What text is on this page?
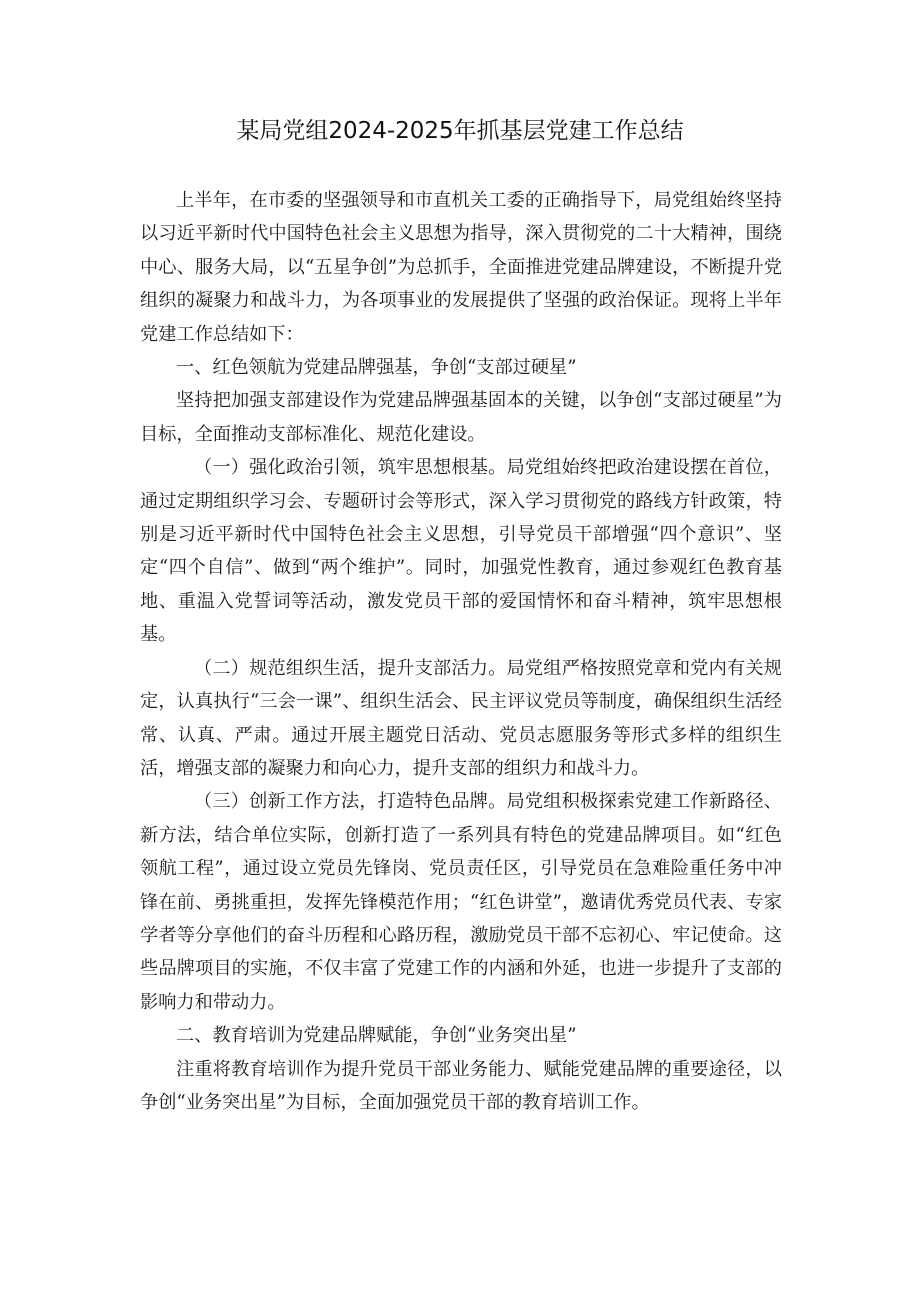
某局党组2024-2025年抓基层党建工作总结

上半年，在市委的坚强领导和市直机关工委的正确指导下，局党组始终坚持以习近平新时代中国特色社会主义思想为指导，深入贯彻党的二十大精神，围绕中心、服务大局，以“五星争创”为总抓手，全面推进党建品牌建设，不断提升党组织的凝聚力和战斗力，为各项事业的发展提供了坚强的政治保证。现将上半年党建工作总结如下：

一、红色领航为党建品牌强基，争创“支部过硬星”

坚持把加强支部建设作为党建品牌强基固本的关键，以争创“支部过硬星”为目标，全面推动支部标准化、规范化建设。

（一）强化政治引领，筑牢思想根基。局党组始终把政治建设摆在首位，通过定期组织学习会、专题研讨会等形式，深入学习贯彻党的路线方针政策，特别是习近平新时代中国特色社会主义思想，引导党员干部增强“四个意识”、坚定“四个自信”、做到“两个维护”。同时，加强党性教育，通过参观红色教育基地、重温入党誓词等活动，激发党员干部的爱国情怀和奋斗精神，筑牢思想根基。

（二）规范组织生活，提升支部活力。局党组严格按照党章和党内有关规定，认真执行“三会一课”、组织生活会、民主评议党员等制度，确保组织生活经常、认真、严肃。通过开展主题党日活动、党员志愿服务等形式多样的组织生活，增强支部的凝聚力和向心力，提升支部的组织力和战斗力。

（三）创新工作方法，打造特色品牌。局党组积极探索党建工作新路径、新方法，结合单位实际，创新打造了一系列具有特色的党建品牌项目。如“红色领航工程”，通过设立党员先锋岗、党员责任区，引导党员在急难险重任务中冲锋在前、勇挑重担，发挥先锋模范作用；“红色讲堂”，邀请优秀党员代表、专家学者等分享他们的奋斗历程和心路历程，激励党员干部不忘初心、牢记使命。这些品牌项目的实施，不仅丰富了党建工作的内涵和外延，也进一步提升了支部的影响力和带动力。

二、教育培训为党建品牌赋能，争创“业务突出星”

注重将教育培训作为提升党员干部业务能力、赋能党建品牌的重要途径，以争创“业务突出星”为目标，全面加强党员干部的教育培训工作。
